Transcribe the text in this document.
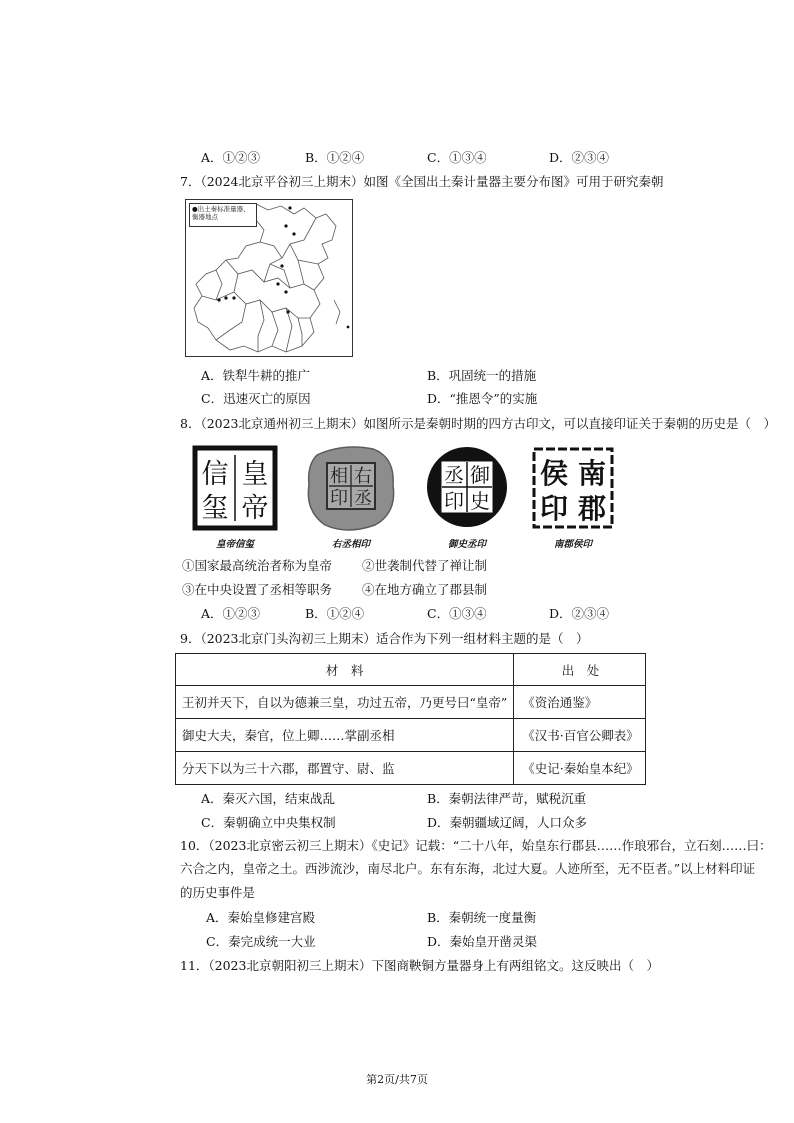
A．①②③	B．①②④	C．①③④	D．②③④
7．（2024北京平谷初三上期末）如图《全国出土秦计量器主要分布图》可用于研究秦朝
●出土秦标准量器、衡器地点
A．铁犁牛耕的推广	B．巩固统一的措施
C．迅速灭亡的原因	D．“推恩令”的实施
8．（2023北京通州初三上期末）如图所示是秦朝时期的四方古印文，可以直接印证关于秦朝的历史是（　）
皇
帝
信
玺
右
丞
相
印
御
史
丞
印
南
郡
侯
印
皇帝信玺	右丞相印	御史丞印	南郡侯印
①国家最高统治者称为皇帝 ②世袭制代替了禅让制
③在中央设置了丞相等职务 ④在地方确立了郡县制
A．①②③	B．①②④	C．①③④	D．②③④
9．（2023北京门头沟初三上期末）适合作为下列一组材料主题的是（　）
材　料	出　处
王初并天下，自以为德兼三皇，功过五帝，乃更号曰“皇帝”	《资治通鉴》
御史大夫，秦官，位上卿……掌副丞相	《汉书·百官公卿表》
分天下以为三十六郡，郡置守、尉、监	《史记·秦始皇本纪》
A．秦灭六国，结束战乱	B．秦朝法律严苛，赋税沉重
C．秦朝确立中央集权制	D．秦朝疆域辽阔，人口众多
10．（2023北京密云初三上期末）《史记》记载：“二十八年，始皇东行郡县……作琅邪台，立石刻……曰：
六合之内，皇帝之土。西涉流沙，南尽北户。东有东海，北过大夏。人迹所至，无不臣者。”以上材料印证
的历史事件是
A．秦始皇修建宫殿	B．秦朝统一度量衡
C．秦完成统一大业	D．秦始皇开凿灵渠
11．（2023北京朝阳初三上期末）下图商鞅铜方量器身上有两组铭文。这反映出（　）
第2页/共7页
